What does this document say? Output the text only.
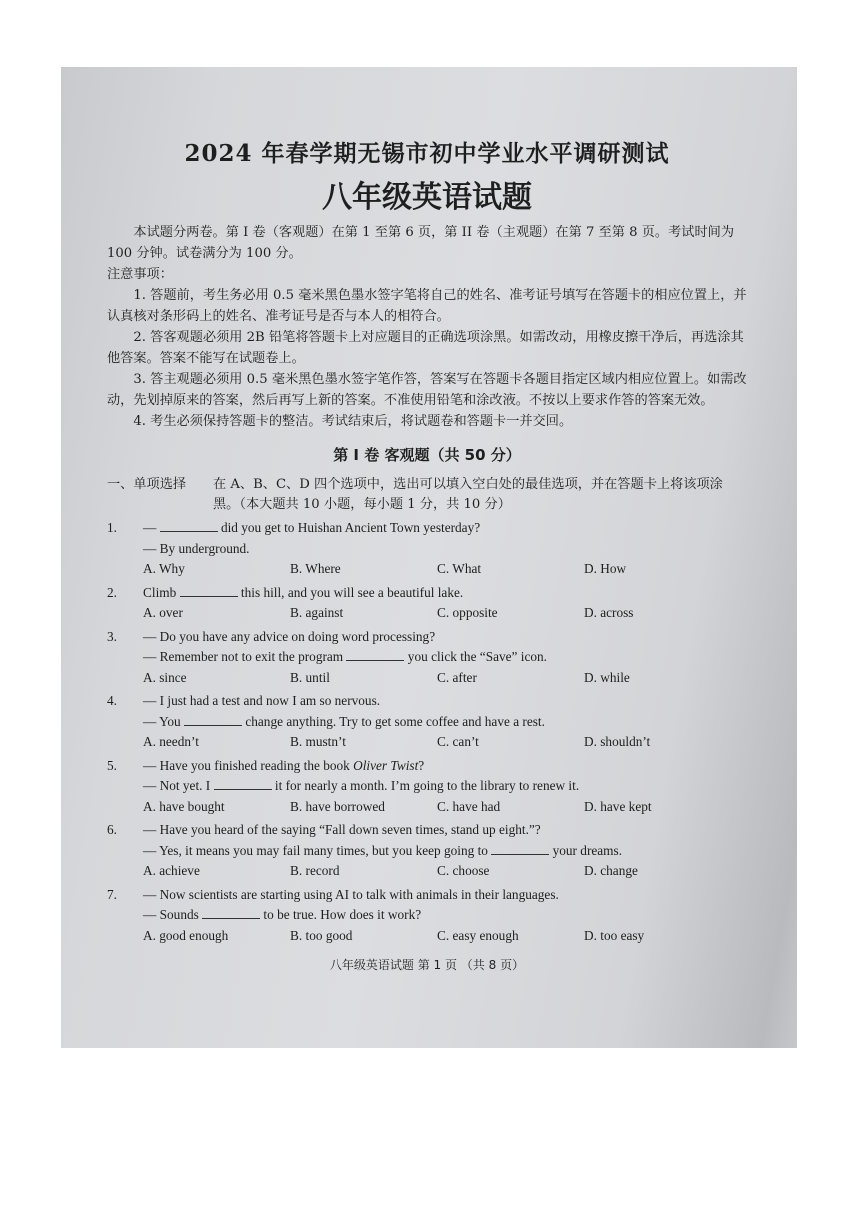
2024 年春学期无锡市初中学业水平调研测试
八年级英语试题

本试题分两卷。第 I 卷（客观题）在第 1 至第 6 页，第 II 卷（主观题）在第 7 至第 8 页。考试时间为 100 分钟。试卷满分为 100 分。

注意事项：

1. 答题前，考生务必用 0.5 毫米黑色墨水签字笔将自己的姓名、准考证号填写在答题卡的相应位置上，并认真核对条形码上的姓名、准考证号是否与本人的相符合。

2. 答客观题必须用 2B 铅笔将答题卡上对应题目的正确选项涂黑。如需改动，用橡皮擦干净后，再选涂其他答案。答案不能写在试题卷上。

3. 答主观题必须用 0.5 毫米黑色墨水签字笔作答，答案写在答题卡各题目指定区域内相应位置上。如需改动，先划掉原来的答案，然后再写上新的答案。不准使用铅笔和涂改液。不按以上要求作答的答案无效。

4. 考生必须保持答题卡的整洁。考试结束后，将试题卷和答题卡一并交回。

第 I 卷 客观题（共 50 分）
一、单项选择	在 A、B、C、D 四个选项中，选出可以填入空白处的最佳选项，并在答题卡上将该项涂黑。（本大题共 10 小题，每小题 1 分，共 10 分）
1.	—	did you get to Huishan Ancient Town yesterday?
— By underground.
A. Why	B. Where	C. What	D. How
2.	Climb	this hill, and you will see a beautiful lake.
A. over	B. against	C. opposite	D. across
3.	— Do you have any advice on doing word processing?
— Remember not to exit the program	you click the “Save” icon.
A. since	B. until	C. after	D. while
4.	— I just had a test and now I am so nervous.
— You	change anything. Try to get some coffee and have a rest.
A. needn’t	B. mustn’t	C. can’t	D. shouldn’t
5.	— Have you finished reading the book Oliver Twist?
— Not yet. I	it for nearly a month. I’m going to the library to renew it.
A. have bought	B. have borrowed	C. have had	D. have kept
6.	— Have you heard of the saying “Fall down seven times, stand up eight.”?
— Yes, it means you may fail many times, but you keep going to	your dreams.
A. achieve	B. record	C. choose	D. change
7.	— Now scientists are starting using AI to talk with animals in their languages.
— Sounds	to be true. How does it work?
A. good enough	B. too good	C. easy enough	D. too easy
八年级英语试题 第 1 页 （共 8 页）
